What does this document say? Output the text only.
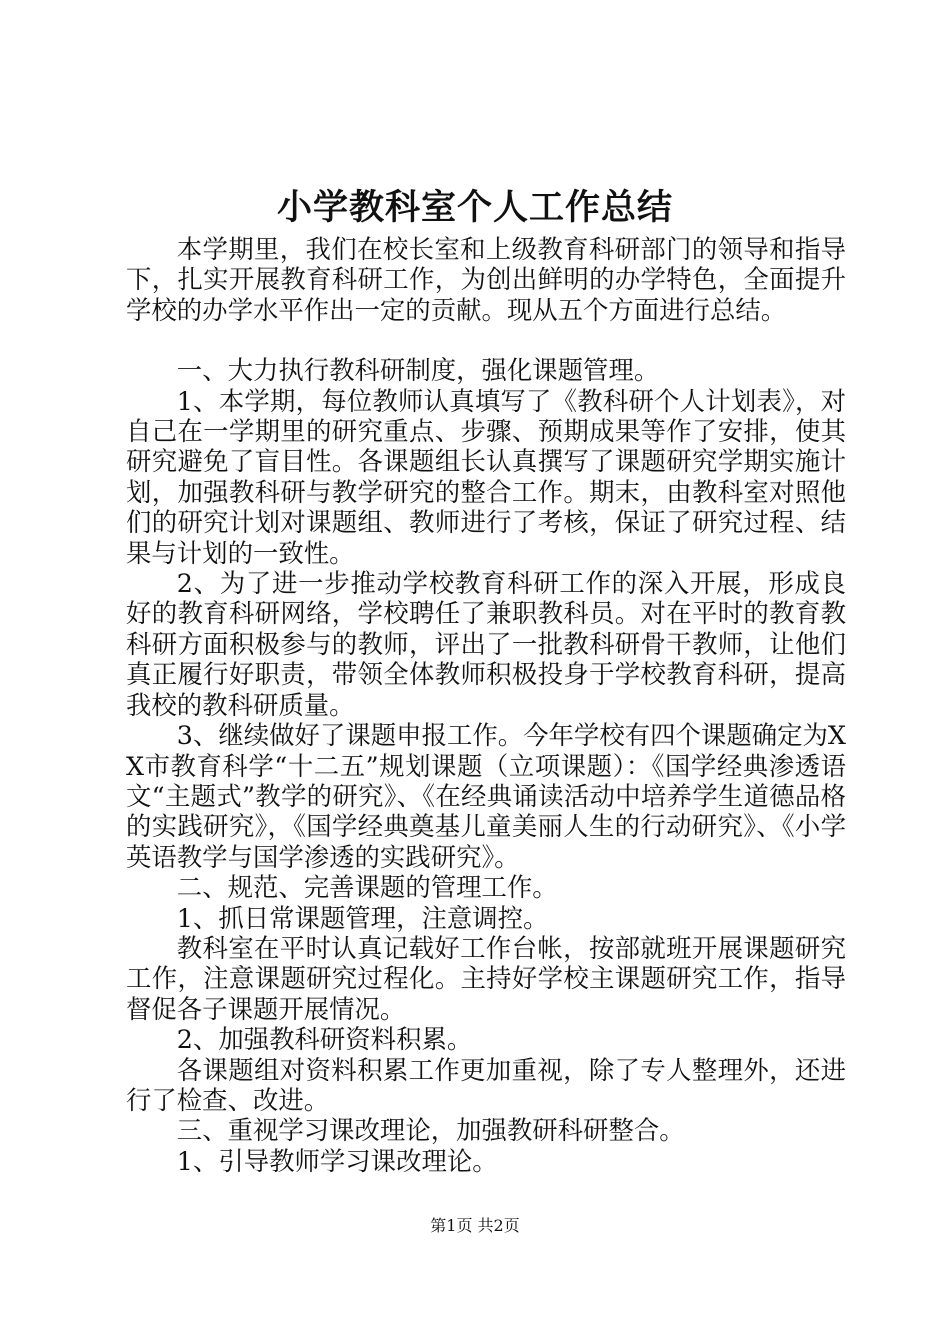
小学教科室个人工作总结

本学期里，我们在校长室和上级教育科研部门的领导和指导下，扎实开展教育科研工作，为创出鲜明的办学特色，全面提升学校的办学水平作出一定的贡献。现从五个方面进行总结。

一、大力执行教科研制度，强化课题管理。

1、本学期，每位教师认真填写了《教科研个人计划表》，对自己在一学期里的研究重点、步骤、预期成果等作了安排，使其研究避免了盲目性。各课题组长认真撰写了课题研究学期实施计划，加强教科研与教学研究的整合工作。期末，由教科室对照他们的研究计划对课题组、教师进行了考核，保证了研究过程、结果与计划的一致性。

2、为了进一步推动学校教育科研工作的深入开展，形成良好的教育科研网络，学校聘任了兼职教科员。对在平时的教育教科研方面积极参与的教师，评出了一批教科研骨干教师，让他们真正履行好职责，带领全体教师积极投身于学校教育科研，提高我校的教科研质量。

3、继续做好了课题申报工作。今年学校有四个课题确定为XX市教育科学“十二五”规划课题（立项课题）：《国学经典渗透语文“主题式”教学的研究》、《在经典诵读活动中培养学生道德品格的实践研究》，《国学经典奠基儿童美丽人生的行动研究》、《小学英语教学与国学渗透的实践研究》。

二、规范、完善课题的管理工作。

1、抓日常课题管理，注意调控。

教科室在平时认真记载好工作台帐，按部就班开展课题研究工作，注意课题研究过程化。主持好学校主课题研究工作，指导督促各子课题开展情况。

2、加强教科研资料积累。

各课题组对资料积累工作更加重视，除了专人整理外，还进行了检查、改进。

三、重视学习课改理论，加强教研科研整合。

1、引导教师学习课改理论。

第1页 共2页
